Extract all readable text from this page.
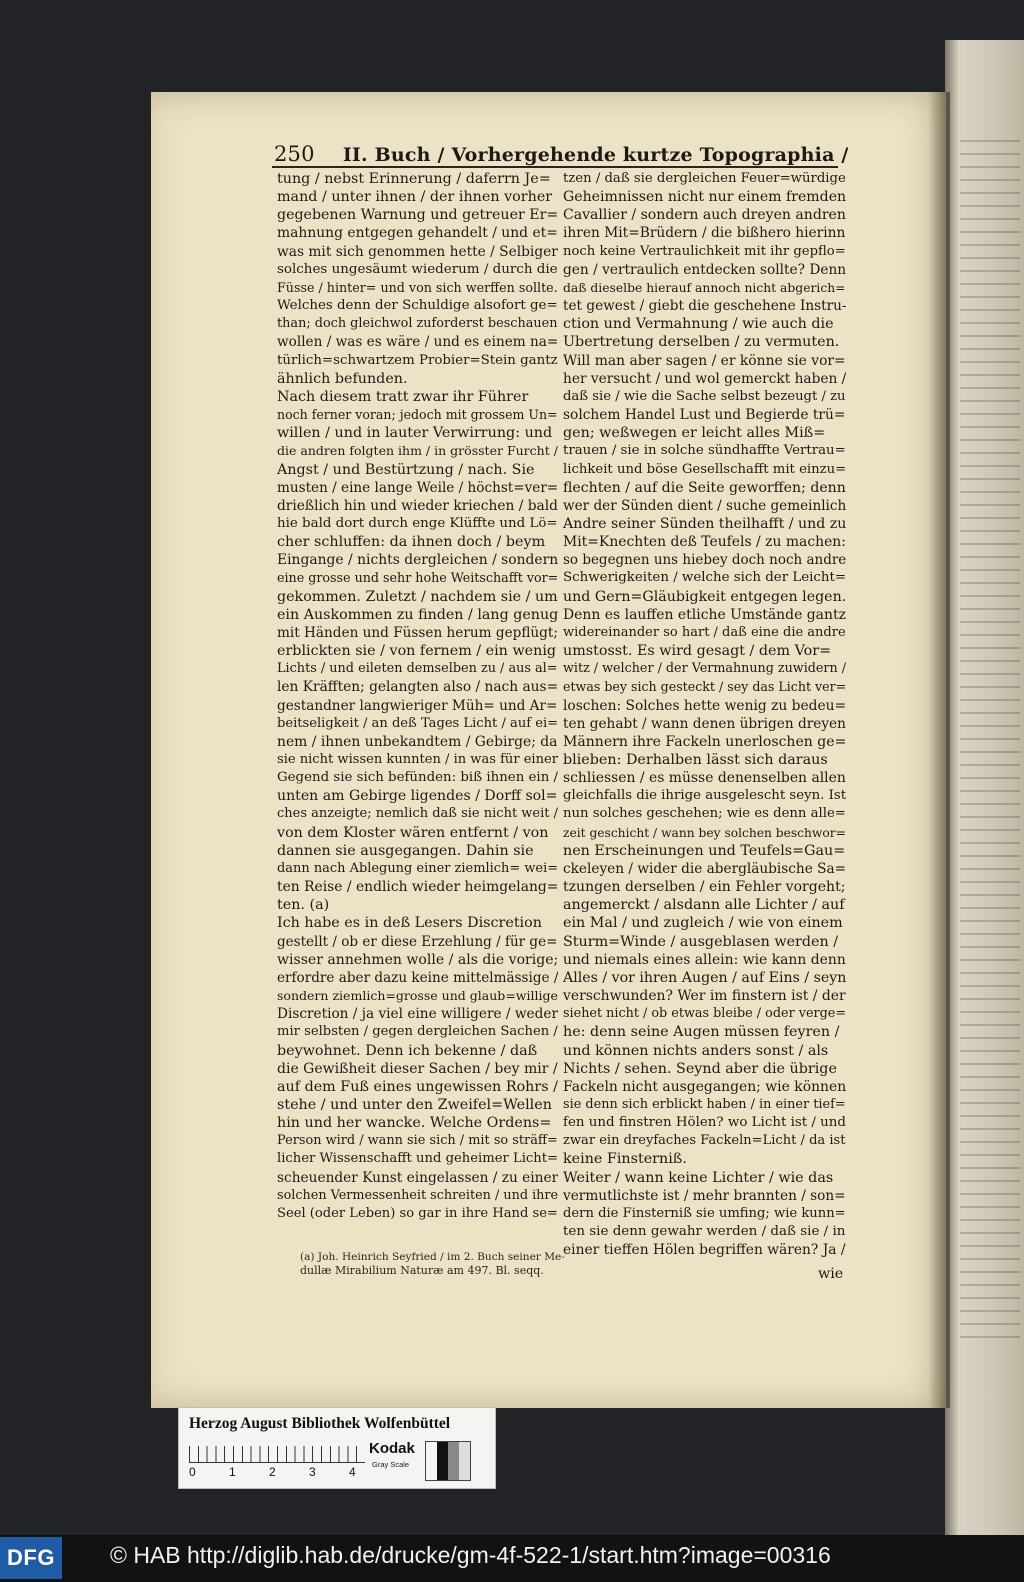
250 II. Buch / Vorhergehende kurtze Topographia /
tung / nebst Erinnerung / daferrn Je=
mand / unter ihnen / der ihnen vorher
gegebenen Warnung und getreuer Er=
mahnung entgegen gehandelt / und et=
was mit sich genommen hette / Selbiger
solches ungesäumt wiederum / durch die
Füsse / hinter= und von sich werffen sollte.
Welches denn der Schuldige alsofort ge=
than; doch gleichwol zuforderst beschauen
wollen / was es wäre / und es einem na=
türlich=schwartzem Probier=Stein gantz
ähnlich befunden.
Nach diesem tratt zwar ihr Führer
noch ferner voran; jedoch mit grossem Un=
willen / und in lauter Verwirrung: und
die andren folgten ihm / in grösster Furcht /
Angst / und Bestürtzung / nach. Sie
musten / eine lange Weile / höchst=ver=
drießlich hin und wieder kriechen / bald
hie bald dort durch enge Klüffte und Lö=
cher schluffen: da ihnen doch / beym
Eingange / nichts dergleichen / sondern
eine grosse und sehr hohe Weitschafft vor=
gekommen. Zuletzt / nachdem sie / um
ein Auskommen zu finden / lang genug
mit Händen und Füssen herum gepflügt;
erblickten sie / von fernem / ein wenig
Lichts / und eileten demselben zu / aus al=
len Kräfften; gelangten also / nach aus=
gestandner langwieriger Müh= und Ar=
beitseligkeit / an deß Tages Licht / auf ei=
nem / ihnen unbekandtem / Gebirge; da
sie nicht wissen kunnten / in was für einer
Gegend sie sich befünden: biß ihnen ein /
unten am Gebirge ligendes / Dorff sol=
ches anzeigte; nemlich daß sie nicht weit /
von dem Kloster wären entfernt / von
dannen sie ausgegangen. Dahin sie
dann nach Ablegung einer ziemlich= wei=
ten Reise / endlich wieder heimgelang=
ten. (a)
Ich habe es in deß Lesers Discretion
gestellt / ob er diese Erzehlung / für ge=
wisser annehmen wolle / als die vorige;
erfordre aber dazu keine mittelmässige /
sondern ziemlich=grosse und glaub=willige
Discretion / ja viel eine willigere / weder
mir selbsten / gegen dergleichen Sachen /
beywohnet. Denn ich bekenne / daß
die Gewißheit dieser Sachen / bey mir /
auf dem Fuß eines ungewissen Rohrs /
stehe / und unter den Zweifel=Wellen
hin und her wancke. Welche Ordens=
Person wird / wann sie sich / mit so sträff=
licher Wissenschafft und geheimer Licht=
scheuender Kunst eingelassen / zu einer
solchen Vermessenheit schreiten / und ihre
Seel (oder Leben) so gar in ihre Hand se=
tzen / daß sie dergleichen Feuer=würdige
Geheimnissen nicht nur einem fremden
Cavallier / sondern auch dreyen andren
ihren Mit=Brüdern / die bißhero hierinn
noch keine Vertraulichkeit mit ihr gepflo=
gen / vertraulich entdecken sollte? Denn
daß dieselbe hierauf annoch nicht abgerich=
tet gewest / giebt die geschehene Instru-
ction und Vermahnung / wie auch die
Ubertretung derselben / zu vermuten.
Will man aber sagen / er könne sie vor=
her versucht / und wol gemerckt haben /
daß sie / wie die Sache selbst bezeugt / zu
solchem Handel Lust und Begierde trü=
gen; weßwegen er leicht alles Miß=
trauen / sie in solche sündhaffte Vertrau=
lichkeit und böse Gesellschafft mit einzu=
flechten / auf die Seite geworffen; denn
wer der Sünden dient / suche gemeinlich
Andre seiner Sünden theilhafft / und zu
Mit=Knechten deß Teufels / zu machen:
so begegnen uns hiebey doch noch andre
Schwerigkeiten / welche sich der Leicht=
und Gern=Gläubigkeit entgegen legen.
Denn es lauffen etliche Umstände gantz
widereinander so hart / daß eine die andre
umstosst. Es wird gesagt / dem Vor=
witz / welcher / der Vermahnung zuwidern /
etwas bey sich gesteckt / sey das Licht ver=
loschen: Solches hette wenig zu bedeu=
ten gehabt / wann denen übrigen dreyen
Männern ihre Fackeln unerloschen ge=
blieben: Derhalben lässt sich daraus
schliessen / es müsse denenselben allen
gleichfalls die ihrige ausgelescht seyn. Ist
nun solches geschehen; wie es denn alle=
zeit geschicht / wann bey solchen beschwor=
nen Erscheinungen und Teufels=Gau=
ckeleyen / wider die abergläubische Sa=
tzungen derselben / ein Fehler vorgeht;
angemerckt / alsdann alle Lichter / auf
ein Mal / und zugleich / wie von einem
Sturm=Winde / ausgeblasen werden /
und niemals eines allein: wie kann denn
Alles / vor ihren Augen / auf Eins / seyn
verschwunden? Wer im finstern ist / der
siehet nicht / ob etwas bleibe / oder verge=
he: denn seine Augen müssen feyren /
und können nichts anders sonst / als
Nichts / sehen. Seynd aber die übrige
Fackeln nicht ausgegangen; wie können
sie denn sich erblickt haben / in einer tief=
fen und finstren Hölen? wo Licht ist / und
zwar ein dreyfaches Fackeln=Licht / da ist
keine Finsterniß.
Weiter / wann keine Lichter / wie das
vermutlichste ist / mehr brannten / son=
dern die Finsterniß sie umfing; wie kunn=
ten sie denn gewahr werden / daß sie / in
einer tieffen Hölen begriffen wären? Ja /
(a) Joh. Heinrich Seyfried / im 2. Buch seiner Me-
dullæ Mirabilium Naturæ am 497. Bl. seqq.	wie
Herzog August Bibliothek Wolfenbüttel
0	1	2	3	4
Kodak
Gray Scale
DFG	© HAB http://diglib.hab.de/drucke/gm-4f-522-1/start.htm?image=00316
